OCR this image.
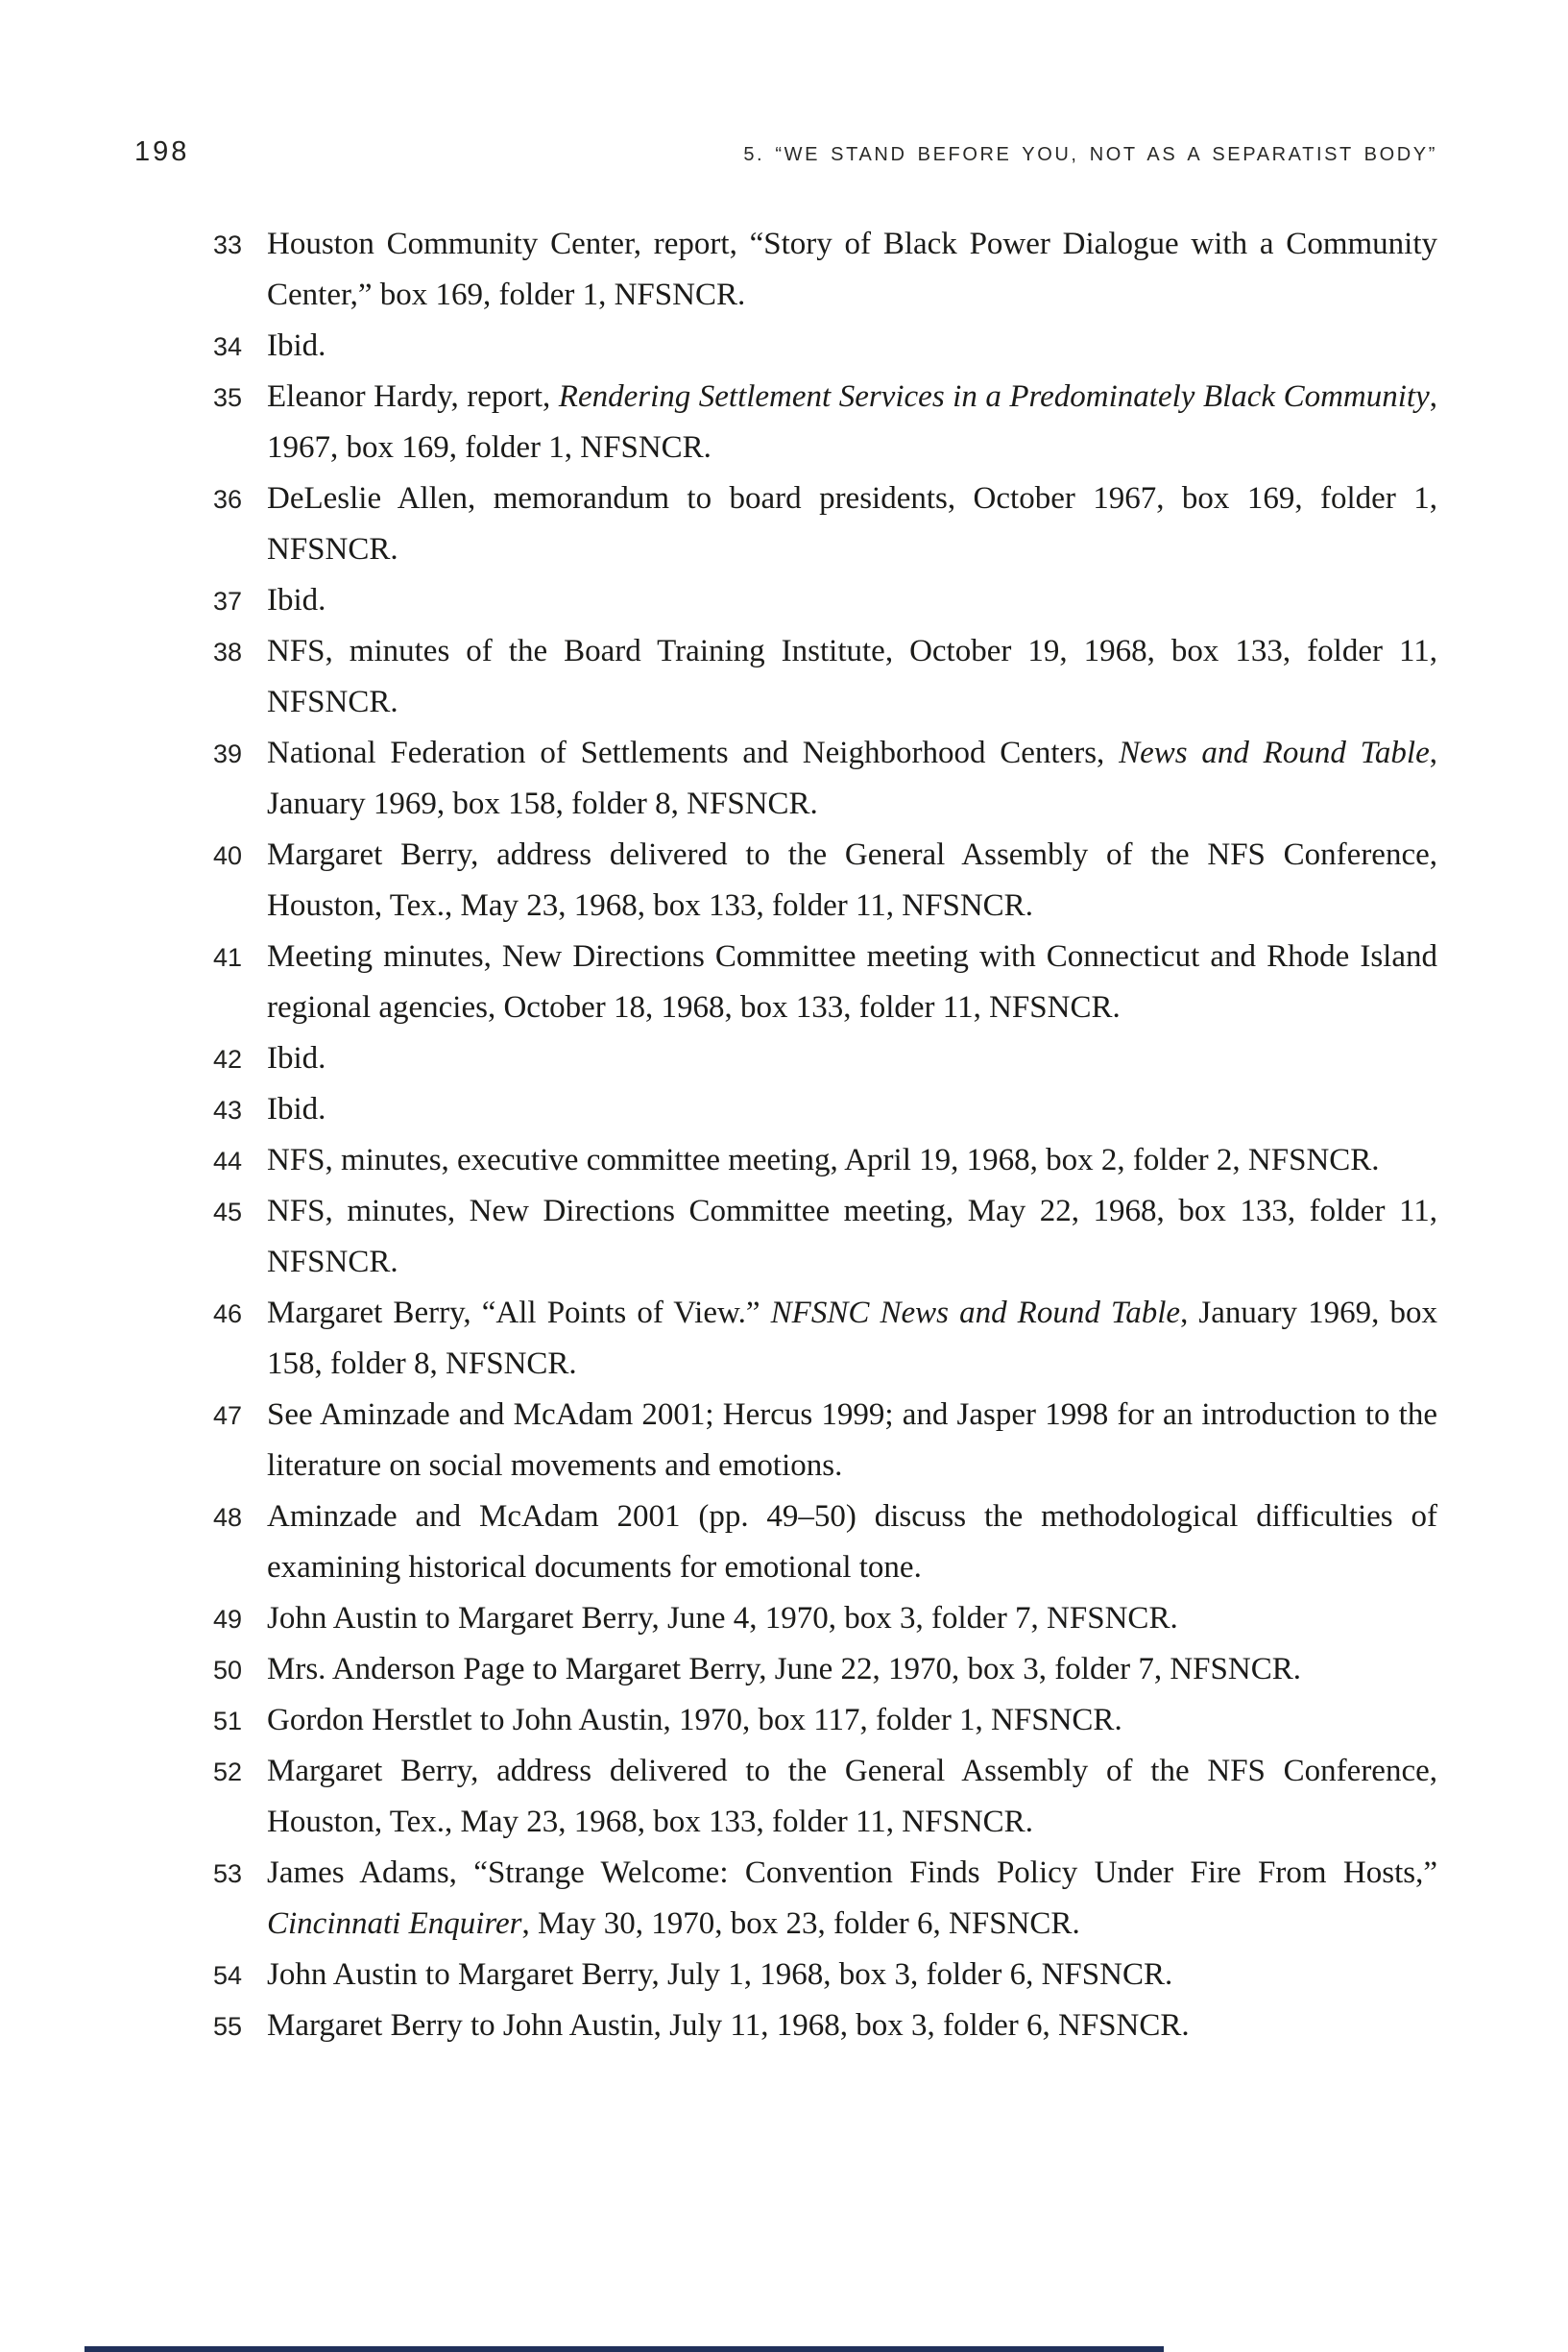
198	5. “WE STAND BEFORE YOU, NOT AS A SEPARATIST BODY”
33 Houston Community Center, report, “Story of Black Power Dialogue with a Community Center,” box 169, folder 1, NFSNCR.
34 Ibid.
35 Eleanor Hardy, report, Rendering Settlement Services in a Predominately Black Community, 1967, box 169, folder 1, NFSNCR.
36 DeLeslie Allen, memorandum to board presidents, October 1967, box 169, folder 1, NFSNCR.
37 Ibid.
38 NFS, minutes of the Board Training Institute, October 19, 1968, box 133, folder 11, NFSNCR.
39 National Federation of Settlements and Neighborhood Centers, News and Round Table, January 1969, box 158, folder 8, NFSNCR.
40 Margaret Berry, address delivered to the General Assembly of the NFS Conference, Houston, Tex., May 23, 1968, box 133, folder 11, NFSNCR.
41 Meeting minutes, New Directions Committee meeting with Connecticut and Rhode Island regional agencies, October 18, 1968, box 133, folder 11, NFSNCR.
42 Ibid.
43 Ibid.
44 NFS, minutes, executive committee meeting, April 19, 1968, box 2, folder 2, NFSNCR.
45 NFS, minutes, New Directions Committee meeting, May 22, 1968, box 133, folder 11, NFSNCR.
46 Margaret Berry, “All Points of View.” NFSNC News and Round Table, January 1969, box 158, folder 8, NFSNCR.
47 See Aminzade and McAdam 2001; Hercus 1999; and Jasper 1998 for an introduction to the literature on social movements and emotions.
48 Aminzade and McAdam 2001 (pp. 49–50) discuss the methodological difficulties of examining historical documents for emotional tone.
49 John Austin to Margaret Berry, June 4, 1970, box 3, folder 7, NFSNCR.
50 Mrs. Anderson Page to Margaret Berry, June 22, 1970, box 3, folder 7, NFSNCR.
51 Gordon Herstlet to John Austin, 1970, box 117, folder 1, NFSNCR.
52 Margaret Berry, address delivered to the General Assembly of the NFS Conference, Houston, Tex., May 23, 1968, box 133, folder 11, NFSNCR.
53 James Adams, “Strange Welcome: Convention Finds Policy Under Fire From Hosts,” Cincinnati Enquirer, May 30, 1970, box 23, folder 6, NFSNCR.
54 John Austin to Margaret Berry, July 1, 1968, box 3, folder 6, NFSNCR.
55 Margaret Berry to John Austin, July 11, 1968, box 3, folder 6, NFSNCR.
